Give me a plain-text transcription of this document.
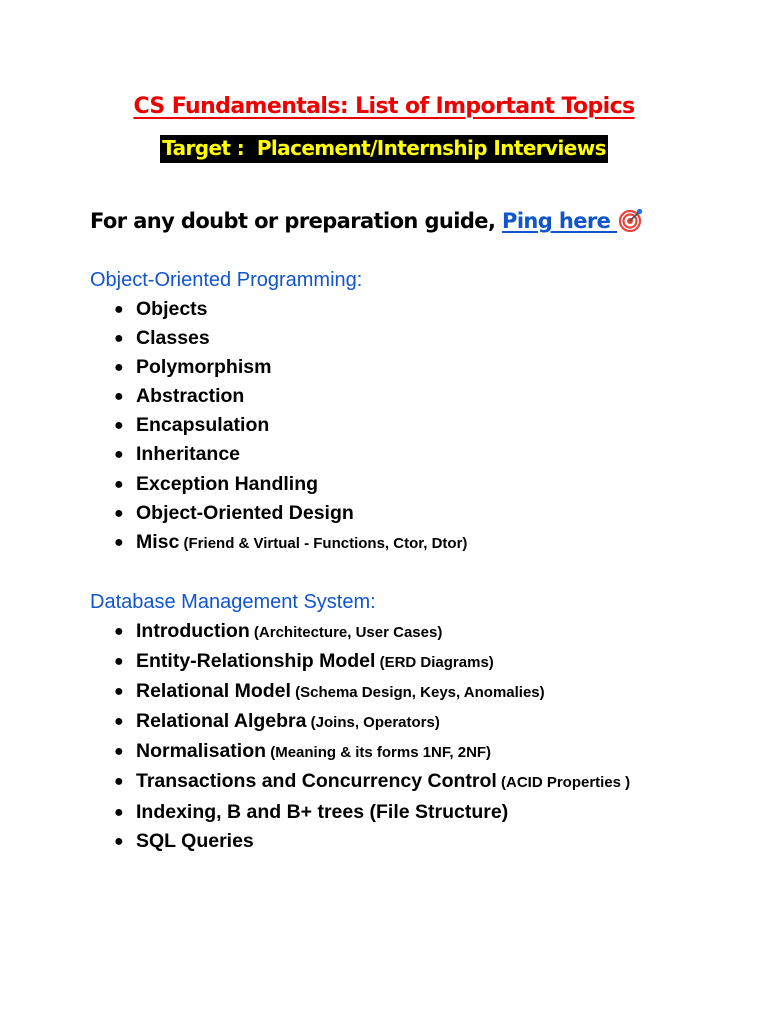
CS Fundamentals: List of Important Topics
Target :  Placement/Internship Interviews
For any doubt or preparation guide, Ping here
Object-Oriented Programming:
● Objects
● Classes
● Polymorphism
● Abstraction
● Encapsulation
● Inheritance
● Exception Handling
● Object-Oriented Design
● Misc (Friend & Virtual - Functions, Ctor, Dtor)
Database Management System:
● Introduction (Architecture, User Cases)
● Entity-Relationship Model (ERD Diagrams)
● Relational Model (Schema Design, Keys, Anomalies)
● Relational Algebra (Joins, Operators)
● Normalisation (Meaning & its forms 1NF, 2NF)
● Transactions and Concurrency Control (ACID Properties )
● Indexing, B and B+ trees (File Structure)
● SQL Queries
